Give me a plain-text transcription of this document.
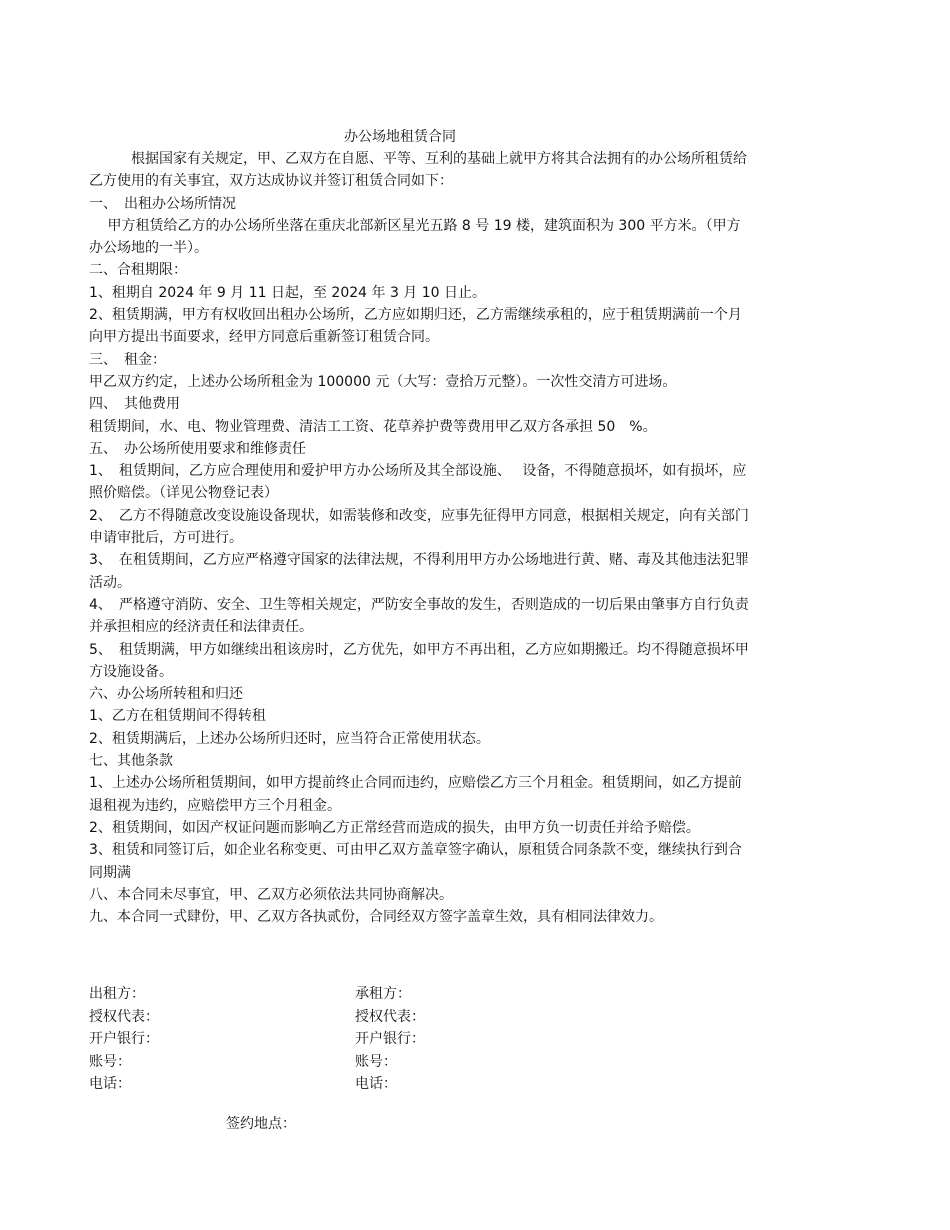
办公场地租赁合同
　　　根据国家有关规定，甲、乙双方在自愿、平等、互利的基础上就甲方将其合法拥有的办公场所租赁给
乙方使用的有关事宜，双方达成协议并签订租赁合同如下：
一、　出租办公场所情况
　 甲方租赁给乙方的办公场所坐落在重庆北部新区星光五路 8 号 19 楼，建筑面积为 300 平方米。（甲方
办公场地的一半）。
二、合租期限：
1、租期自 2024 年 9 月 11 日起，至 2024 年 3 月 10 日止。
2、租赁期满，甲方有权收回出租办公场所，乙方应如期归还，乙方需继续承租的，应于租赁期满前一个月
向甲方提出书面要求，经甲方同意后重新签订租赁合同。
三、　租金：
甲乙双方约定，上述办公场所租金为 100000 元（大写：壹拾万元整）。一次性交清方可进场。
四、　其他费用
租赁期间，水、电、物业管理费、清洁工工资、花草养护费等费用甲乙双方各承担 50　%。
五、　办公场所使用要求和维修责任
1、　租赁期间，乙方应合理使用和爱护甲方办公场所及其全部设施、　 设备，不得随意损坏，如有损坏，应
照价赔偿。（详见公物登记表）
2、　乙方不得随意改变设施设备现状，如需装修和改变，应事先征得甲方同意，根据相关规定，向有关部门
申请审批后，方可进行。
3、　在租赁期间，乙方应严格遵守国家的法律法规，不得利用甲方办公场地进行黄、赌、毒及其他违法犯罪
活动。
4、　严格遵守消防、安全、卫生等相关规定，严防安全事故的发生，否则造成的一切后果由肇事方自行负责
并承担相应的经济责任和法律责任。
5、　租赁期满，甲方如继续出租该房时，乙方优先，如甲方不再出租，乙方应如期搬迁。均不得随意损坏甲
方设施设备。
六、办公场所转租和归还
1、乙方在租赁期间不得转租
2、租赁期满后，上述办公场所归还时，应当符合正常使用状态。
七、其他条款
1、上述办公场所租赁期间，如甲方提前终止合同而违约，应赔偿乙方三个月租金。租赁期间，如乙方提前
退租视为违约，应赔偿甲方三个月租金。
2、租赁期间，如因产权证问题而影响乙方正常经营而造成的损失，由甲方负一切责任并给予赔偿。
3、租赁和同签订后，如企业名称变更、可由甲乙双方盖章签字确认，原租赁合同条款不变，继续执行到合
同期满
八、本合同未尽事宜，甲、乙双方必须依法共同协商解决。
九、本合同一式肆份，甲、乙双方各执贰份，合同经双方签字盖章生效，具有相同法律效力。
出租方：
授权代表：
开户银行：
账号：
电话：
承租方：
授权代表：
开户银行：
账号：
电话：
签约地点：
